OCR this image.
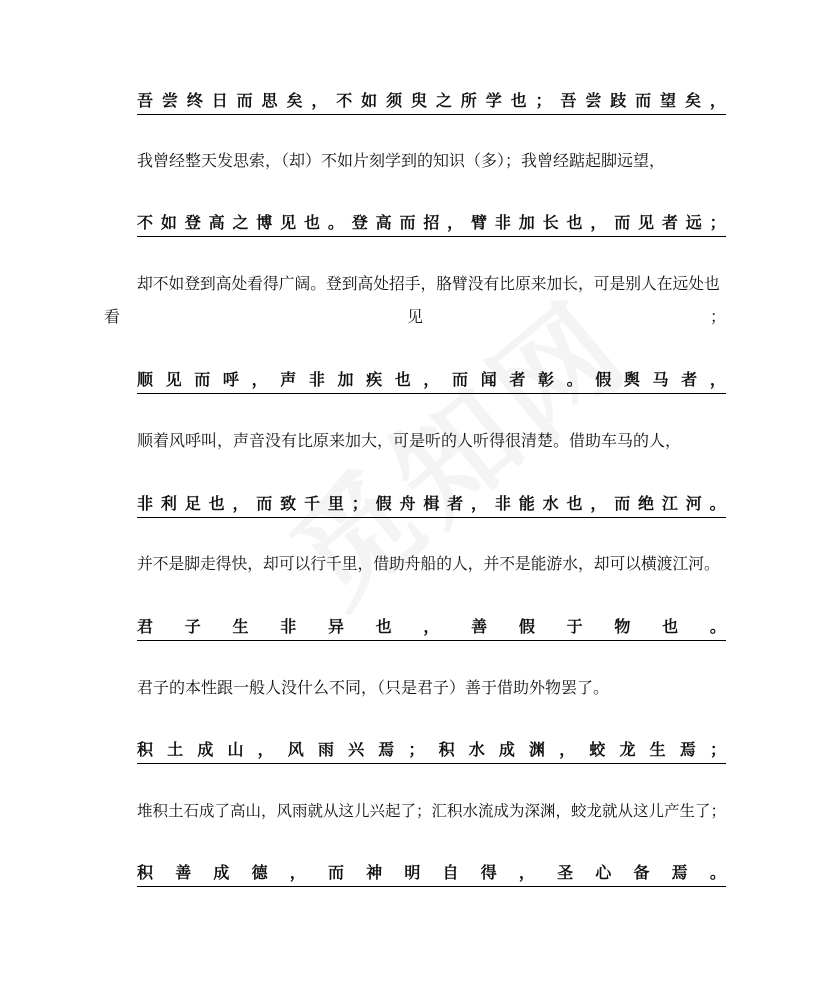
吾 尝 终 日 而 思 矣 ， 不 如 须 臾 之 所 学 也 ； 吾 尝 跂 而 望 矣 ，
我曾经整天发思索，（却）不如片刻学到的知识（多）；我曾经踮起脚远望，
不 如 登 高 之 博 见 也 。 登 高 而 招 ， 臂 非 加 长 也 ， 而 见 者 远 ；
却不如登到高处看得广阔。登到高处招手，胳臂没有比原来加长，可是别人在远处也
看	见	；
顺 见 而 呼 ， 声 非 加 疾 也 ， 而 闻 者 彰 。 假 舆 马 者 ，
顺着风呼叫，声音没有比原来加大，可是听的人听得很清楚。借助车马的人，
非 利 足 也 ， 而 致 千 里 ； 假 舟 楫 者 ， 非 能 水 也 ， 而 绝 江 河 。
并不是脚走得快，却可以行千里，借助舟船的人，并不是能游水，却可以横渡江河。
君 子 生 非 异 也 ， 善 假 于 物 也 。
君子的本性跟一般人没什么不同，（只是君子）善于借助外物罢了。
积 土 成 山 ， 风 雨 兴 焉 ； 积 水 成 渊 ， 蛟 龙 生 焉 ；
堆积土石成了高山，风雨就从这儿兴起了；汇积水流成为深渊，蛟龙就从这儿产生了；
积 善 成 德 ， 而 神 明 自 得 ， 圣 心 备 焉 。
